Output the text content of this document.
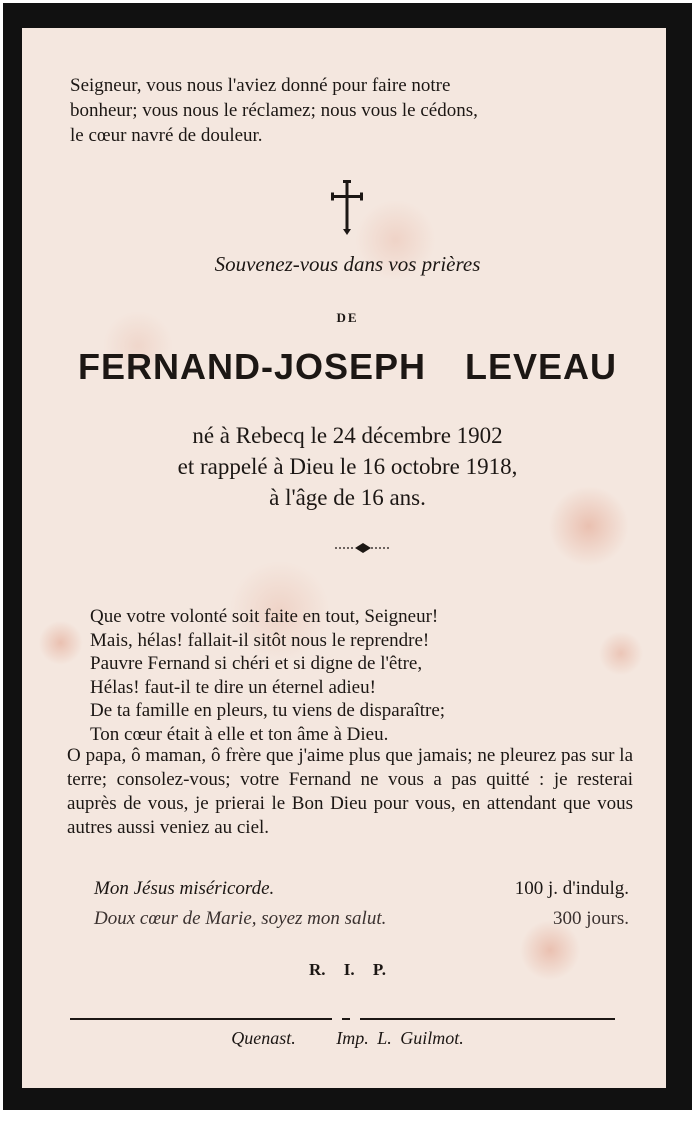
Seigneur, vous nous l'aviez donné pour faire notre
bonheur; vous nous le réclamez; nous vous le cédons,
le cœur navré de douleur.

Souvenez-vous dans vos prières

DE

FERNAND-JOSEPH LEVEAU

né à Rebecq le 24 décembre 1902
et rappelé à Dieu le 16 octobre 1918,
à l'âge de 16 ans.

Que votre volonté soit faite en tout, Seigneur!
Mais, hélas! fallait-il sitôt nous le reprendre!
Pauvre Fernand si chéri et si digne de l'être,
Hélas! faut-il te dire un éternel adieu!
De ta famille en pleurs, tu viens de disparaître;
Ton cœur était à elle et ton âme à Dieu.

O papa, ô maman, ô frère que j'aime plus que jamais; ne pleurez pas sur la terre; consolez-vous; votre Fernand ne vous a pas quitté : je resterai auprès de vous, je prierai le Bon Dieu pour vous, en attendant que vous autres aussi veniez au ciel.

Mon Jésus miséricorde.	100 j. d'indulg.
Doux cœur de Marie, soyez mon salut.	300 jours.

R. I. P.

Quenast. Imp. L. Guilmot.
